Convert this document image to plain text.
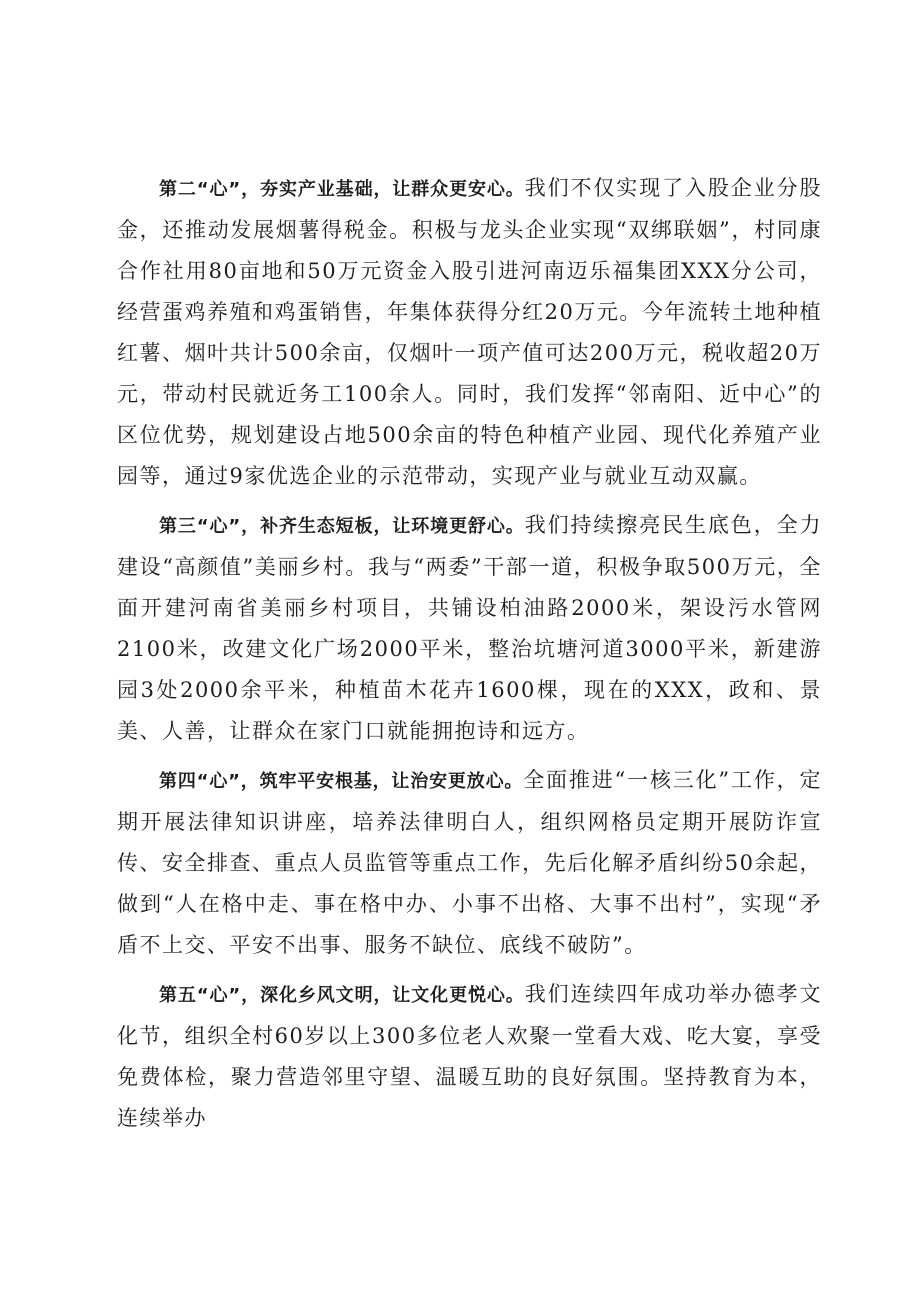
第二“心”，夯实产业基础，让群众更安心。我们不仅实现了入股企业分股金，还推动发展烟薯得税金。积极与龙头企业实现“双绑联姻”，村同康合作社用80亩地和50万元资金入股引进河南迈乐福集团XXX分公司，经营蛋鸡养殖和鸡蛋销售，年集体获得分红20万元。今年流转土地种植红薯、烟叶共计500余亩，仅烟叶一项产值可达200万元，税收超20万元，带动村民就近务工100余人。同时，我们发挥“邻南阳、近中心”的区位优势，规划建设占地500余亩的特色种植产业园、现代化养殖产业园等，通过9家优选企业的示范带动，实现产业与就业互动双赢。

第三“心”，补齐生态短板，让环境更舒心。我们持续擦亮民生底色，全力建设“高颜值”美丽乡村。我与“两委”干部一道，积极争取500万元，全面开建河南省美丽乡村项目，共铺设柏油路2000米，架设污水管网2100米，改建文化广场2000平米，整治坑塘河道3000平米，新建游园3处2000余平米，种植苗木花卉1600棵，现在的XXX，政和、景美、人善，让群众在家门口就能拥抱诗和远方。

第四“心”，筑牢平安根基，让治安更放心。全面推进“一核三化”工作，定期开展法律知识讲座，培养法律明白人，组织网格员定期开展防诈宣传、安全排查、重点人员监管等重点工作，先后化解矛盾纠纷50余起，做到“人在格中走、事在格中办、小事不出格、大事不出村”，实现“矛盾不上交、平安不出事、服务不缺位、底线不破防”。

第五“心”，深化乡风文明，让文化更悦心。我们连续四年成功举办德孝文化节，组织全村60岁以上300多位老人欢聚一堂看大戏、吃大宴，享受免费体检，聚力营造邻里守望、温暖互助的良好氛围。坚持教育为本，连续举办
